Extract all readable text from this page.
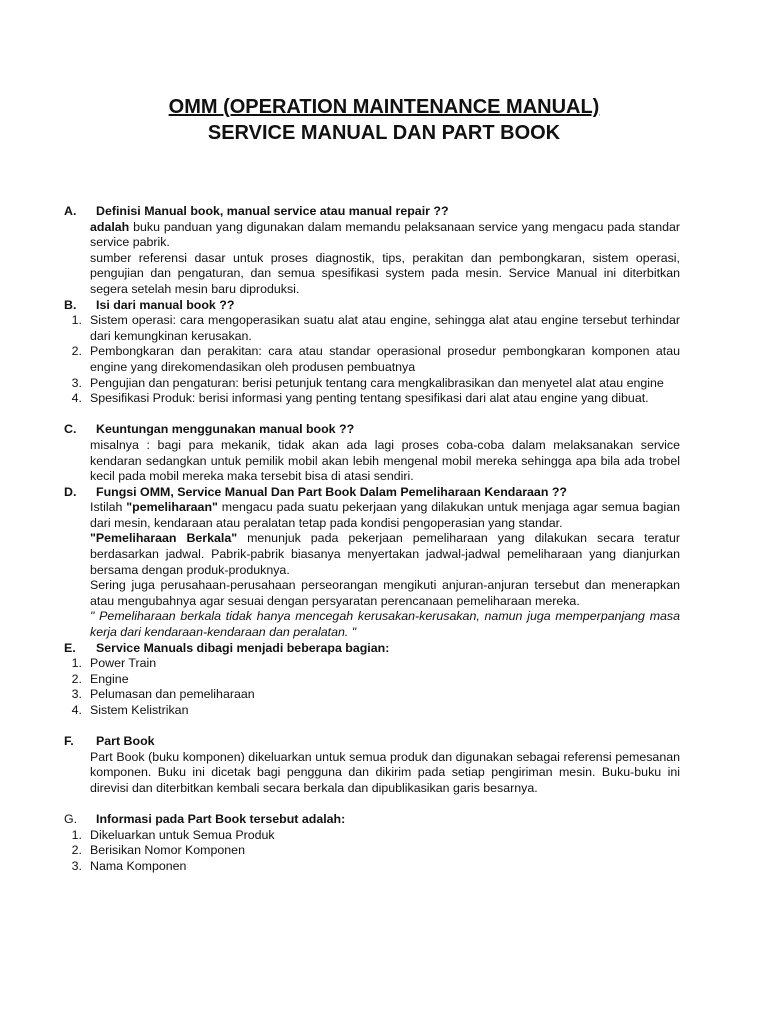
OMM (OPERATION MAINTENANCE MANUAL)
SERVICE MANUAL DAN PART BOOK
A.	Definisi Manual book, manual service atau manual repair ??
adalah buku panduan yang digunakan dalam memandu pelaksanaan service yang mengacu pada standar service pabrik.
sumber referensi dasar untuk proses diagnostik, tips, perakitan dan pembongkaran, sistem operasi, pengujian dan pengaturan, dan semua spesifikasi system pada mesin. Service Manual ini diterbitkan segera setelah mesin baru diproduksi.
B.	Isi dari manual book ??
1. Sistem operasi: cara mengoperasikan suatu alat atau engine, sehingga alat atau engine tersebut terhindar dari kemungkinan kerusakan.
2. Pembongkaran dan perakitan: cara atau standar operasional prosedur pembongkaran komponen atau engine yang direkomendasikan oleh produsen pembuatnya
3. Pengujian dan pengaturan: berisi petunjuk tentang cara mengkalibrasikan dan menyetel alat atau engine
4. Spesifikasi Produk: berisi informasi yang penting tentang spesifikasi dari alat atau engine yang dibuat.
C.	Keuntungan menggunakan manual book ??
misalnya : bagi para mekanik, tidak akan ada lagi proses coba-coba dalam melaksanakan service kendaran sedangkan untuk pemilik mobil akan lebih mengenal mobil mereka sehingga apa bila ada trobel kecil pada mobil mereka maka tersebit bisa di atasi sendiri.
D.	Fungsi OMM, Service Manual Dan Part Book Dalam Pemeliharaan Kendaraan ??
Istilah "pemeliharaan" mengacu pada suatu pekerjaan yang dilakukan untuk menjaga agar semua bagian dari mesin, kendaraan atau peralatan tetap pada kondisi pengoperasian yang standar.
"Pemeliharaan Berkala" menunjuk pada pekerjaan pemeliharaan yang dilakukan secara teratur berdasarkan jadwal. Pabrik-pabrik biasanya menyertakan jadwal-jadwal pemeliharaan yang dianjurkan bersama dengan produk-produknya.
Sering juga perusahaan-perusahaan perseorangan mengikuti anjuran-anjuran tersebut dan menerapkan atau mengubahnya agar sesuai dengan persyaratan perencanaan pemeliharaan mereka.
" Pemeliharaan berkala tidak hanya mencegah kerusakan-kerusakan, namun juga memperpanjang masa kerja dari kendaraan-kendaraan dan peralatan. "
E.	Service Manuals dibagi menjadi beberapa bagian:
1. Power Train
2. Engine
3. Pelumasan dan pemeliharaan
4. Sistem Kelistrikan
F.	Part Book
Part Book (buku komponen) dikeluarkan untuk semua produk dan digunakan sebagai referensi pemesanan komponen. Buku ini dicetak bagi pengguna dan dikirim pada setiap pengiriman mesin. Buku-buku ini direvisi dan diterbitkan kembali secara berkala dan dipublikasikan garis besarnya.
G.	Informasi pada Part Book tersebut adalah:
1. Dikeluarkan untuk Semua Produk
2. Berisikan Nomor Komponen
3. Nama Komponen
